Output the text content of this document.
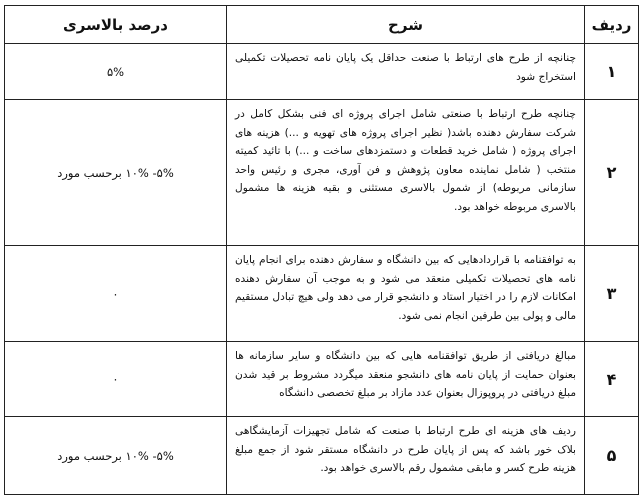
ردیف	شرح	درصد بالاسری
۱	چنانچه از طرح های ارتباط با صنعت حداقل یک پایان نامه تحصیلات تکمیلی استخراج شود	۵%
۲	چنانچه طرح ارتباط با صنعتی شامل اجرای پروژه ای فنی بشکل کامل در شرکت سفارش دهنده باشد( نظیر اجرای پروژه های تهویه و ...) هزینه های اجرای پروژه ( شامل خرید قطعات و دستمزدهای ساخت و ...) با تائید کمیته منتخب ( شامل نماینده معاون پژوهش و فن آوری، مجری و رئیس واحد سازمانی مربوطه) از شمول بالاسری مستثنی و بقیه هزینه ها مشمول بالاسری مربوطه خواهد بود.	۵%- ۱۰% برحسب مورد
۳	به توافقنامه با قراردادهایی که بین دانشگاه و سفارش دهنده برای انجام پایان نامه های تحصیلات تکمیلی منعقد می شود و به موجب آن سفارش دهنده امکانات لازم را در اختیار استاد و دانشجو قرار می دهد ولی هیچ تبادل مستقیم مالی و پولی بین طرفین انجام نمی شود.	۰
۴	مبالغ دریافتی از طریق توافقنامه هایی که بین دانشگاه و سایر سازمانه ها بعنوان حمایت از پایان نامه های دانشجو منعقد میگردد مشروط بر قید شدن مبلغ دریافتی در پروپوزال بعنوان عدد مازاد بر مبلغ تخصصی دانشگاه	۰
۵	ردیف های هزینه ای طرح ارتباط با صنعت که شامل تجهیزات آزمایشگاهی بلاک خور باشد که پس از پایان طرح در دانشگاه مستقر شود از جمع مبلغ هزینه طرح کسر و مابقی مشمول رقم بالاسری خواهد بود.	۵%- ۱۰% برحسب مورد
